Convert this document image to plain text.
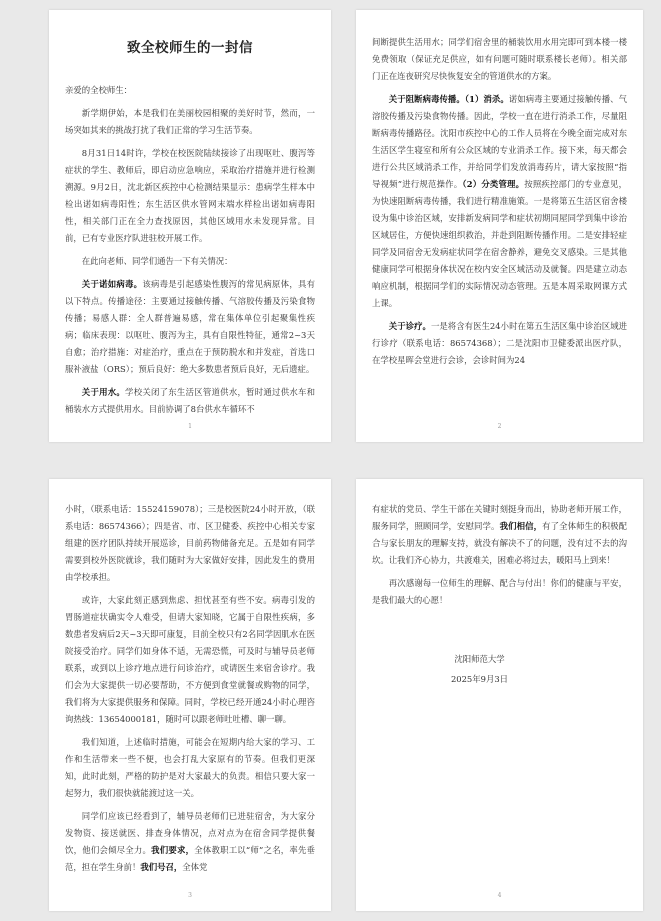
致全校师生的一封信

亲爱的全校师生：

新学期伊始，本是我们在美丽校园相聚的美好时节，然而，一场突如其来的挑战打扰了我们正常的学习生活节奏。

8月31日14时许，学校在校医院陆续接诊了出现呕吐、腹泻等症状的学生、教师后，即启动应急响应，采取治疗措施并进行检测溯源。9月2日，沈北新区疾控中心检测结果显示：患病学生样本中检出诺如病毒阳性；东生活区供水管网末端水样检出诺如病毒阳性，相关部门正在全力查找原因，其他区域用水未发现异常。目前，已有专业医疗队进驻校开展工作。

在此向老师、同学们通告一下有关情况：

关于诺如病毒。该病毒是引起感染性腹泻的常见病原体，具有以下特点。传播途径：主要通过接触传播、气溶胶传播及污染食物传播；易感人群：全人群普遍易感，常在集体单位引起聚集性疾病；临床表现：以呕吐、腹泻为主，具有自限性特征，通常2~3天自愈；治疗措施：对症治疗，重点在于预防脱水和并发症，首选口服补液盐（ORS）；预后良好：绝大多数患者预后良好，无后遗症。

关于用水。学校关闭了东生活区管道供水，暂时通过供水车和桶装水方式提供用水。目前协调了8台供水车循环不

1

间断提供生活用水；同学们宿舍里的桶装饮用水用完即可到本楼一楼免费领取（保证充足供应，如有问题可随时联系楼长老师）。相关部门正在连夜研究尽快恢复安全的管道供水的方案。

关于阻断病毒传播。（1）消杀。诺如病毒主要通过接触传播、气溶胶传播及污染食物传播。因此，学校一直在进行消杀工作，尽量阻断病毒传播路径。沈阳市疾控中心的工作人员将在今晚全面完成对东生活区学生寝室和所有公众区域的专业消杀工作。接下来，每天都会进行公共区域消杀工作，并给同学们发放消毒药片，请大家按照“指导视频”进行规范操作。（2）分类管理。按照疾控部门的专业意见，为快速阻断病毒传播，我们进行精准施策。一是将第五生活区宿舍楼设为集中诊治区域，安排新发病同学和症状初期同屋同学到集中诊治区域居住，方便快速组织救治，并赴到阻断传播作用。二是安排轻症同学及同宿舍无发病症状同学在宿舍静养，避免交叉感染。三是其他健康同学可根据身体状况在校内安全区域活动及就餐。四是建立动态响应机制，根据同学们的实际情况动态管理。五是本周采取网课方式上课。

关于诊疗。一是将含有医生24小时在第五生活区集中诊治区域进行诊疗（联系电话：86574368）；二是沈阳市卫健委派出医疗队，在学校星晖会堂进行会诊，会诊时间为24

2

小时，（联系电话：15524159078）；三是校医院24小时开放，（联系电话：86574366）；四是省、市、区卫健委、疾控中心相关专家组建的医疗团队持续开展巡诊，目前药物储备充足。五是如有同学需要到校外医院就诊，我们随时为大家做好安排，因此发生的费用由学校承担。

或许，大家此刻正感到焦虑、担忧甚至有些不安。病毒引发的胃肠道症状确实令人难受，但请大家知晓，它属于自限性疾病，多数患者发病后2天~3天即可康复，目前全校只有2名同学因肌水在医院接受治疗。同学们如身体不适，无需恐慌，可及时与辅导员老师联系，或到以上诊疗地点进行问诊治疗，或请医生来宿舍诊疗。我们会为大家提供一切必要帮助，不方便到食堂就餐或购物的同学，我们将为大家提供服务和保障。同时，学校已经开通24小时心理咨询热线：13654000181，随时可以跟老师吐吐槽、聊一聊。

我们知道，上述临时措施，可能会在短期内给大家的学习、工作和生活带来一些不便，也会打乱大家原有的节奏。但我们更深知，此时此刻，严格的防护是对大家最大的负责。相信只要大家一起努力，我们很快就能渡过这一关。

同学们应该已经看到了，辅导员老师们已进驻宿舍，为大家分发物资、接送就医、排查身体情况，点对点为在宿舍同学提供餐饮，他们会倾尽全力。我们要求，全体教职工以“师”之名，率先垂范，担在学生身前！我们号召，全体党

3

有症状的党员、学生干部在关键时刻挺身而出，协助老师开展工作，服务同学，照顾同学，安慰同学。我们相信，有了全体师生的积极配合与家长朋友的理解支持，就没有解决不了的问题，没有过不去的沟坎。让我们齐心协力，共渡难关，困难必将过去，暖阳马上到来！

再次感谢每一位师生的理解、配合与付出！你们的健康与平安，是我们最大的心愿！

沈阳师范大学
2025年9月3日
4
